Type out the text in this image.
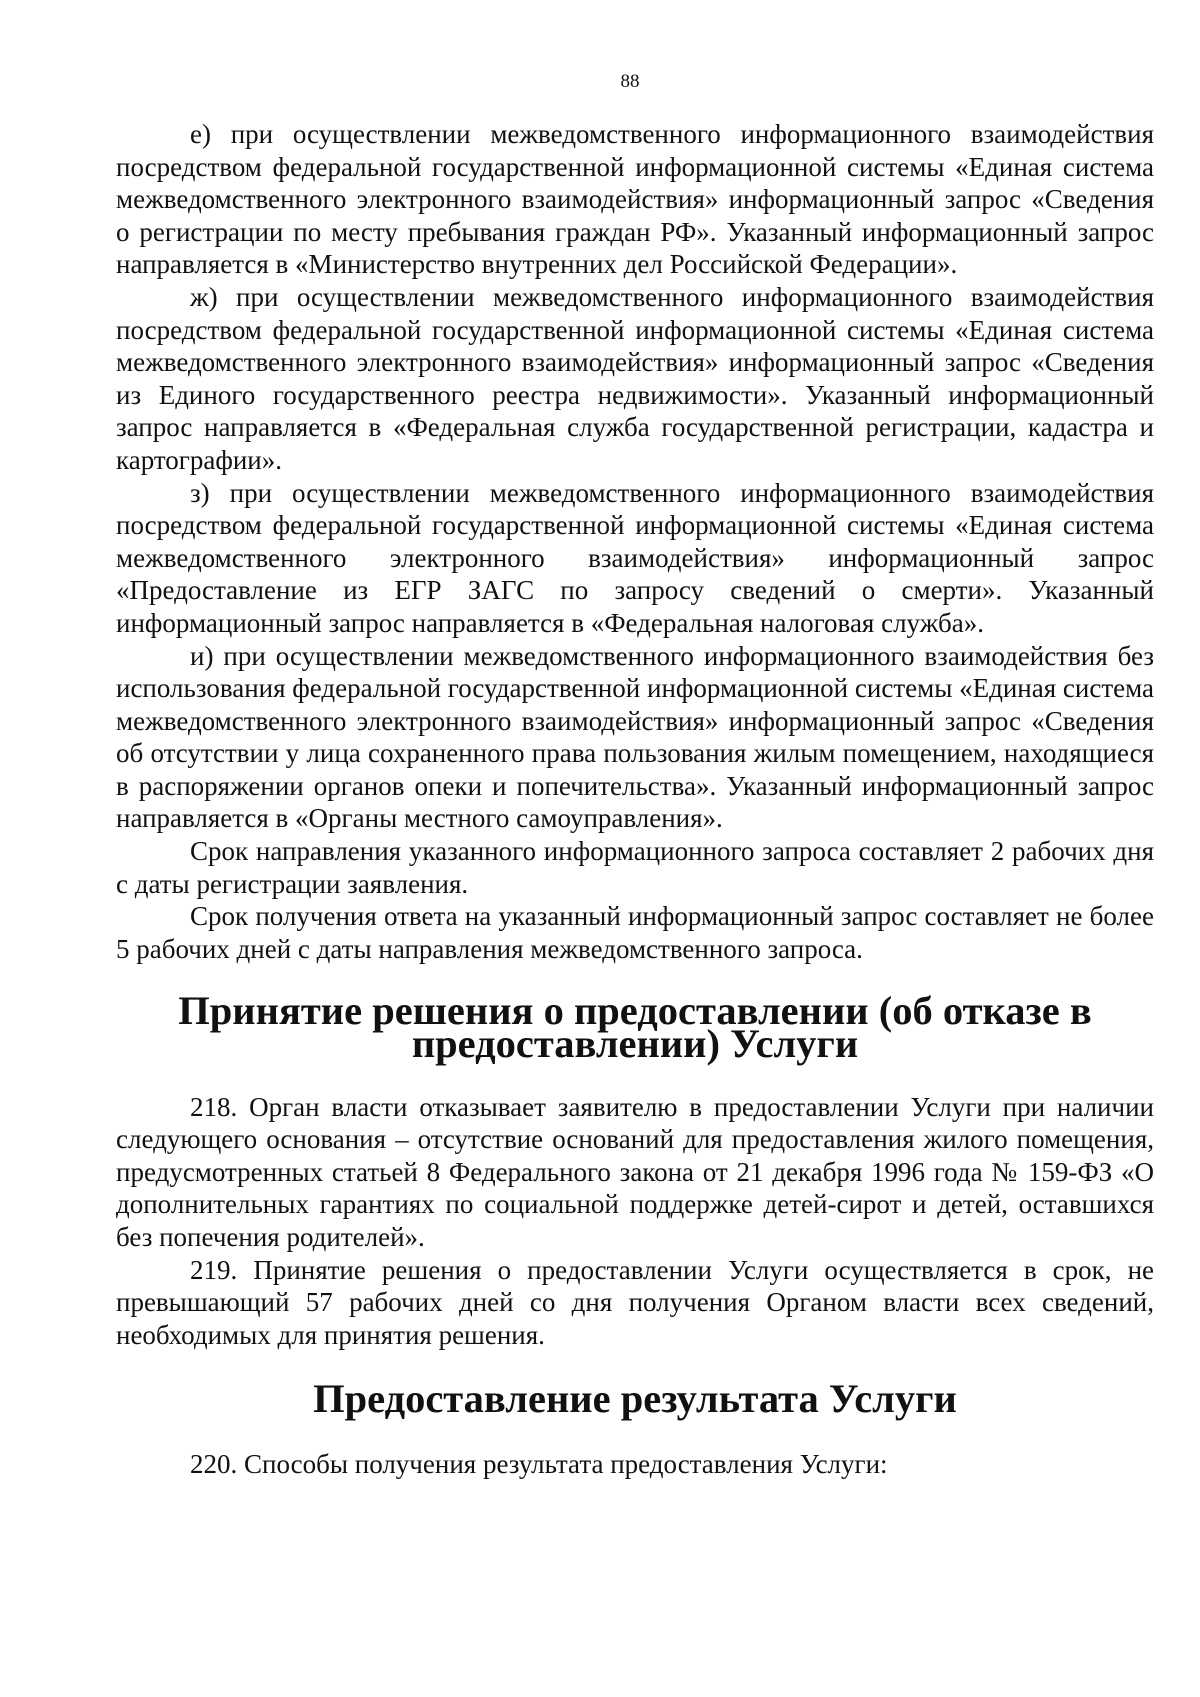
88

е) при осуществлении межведомственного информационного взаимодействия посредством федеральной государственной информационной системы «Единая система межведомственного электронного взаимодействия» информационный запрос «Сведения о регистрации по месту пребывания граждан РФ». Указанный информационный запрос направляется в «Министерство внутренних дел Российской Федерации».

ж) при осуществлении межведомственного информационного взаимодействия посредством федеральной государственной информационной системы «Единая система межведомственного электронного взаимодействия» информационный запрос «Сведения из Единого государственного реестра недвижимости». Указанный информационный запрос направляется в «Федеральная служба государственной регистрации, кадастра и картографии».

з) при осуществлении межведомственного информационного взаимодействия посредством федеральной государственной информационной системы «Единая система межведомственного электронного взаимодействия» информационный запрос «Предоставление из ЕГР ЗАГС по запросу сведений о смерти». Указанный информационный запрос направляется в «Федеральная налоговая служба».

и) при осуществлении межведомственного информационного взаимодействия без использования федеральной государственной информационной системы «Единая система межведомственного электронного взаимодействия» информационный запрос «Сведения об отсутствии у лица сохраненного права пользования жилым помещением, находящиеся в распоряжении органов опеки и попечительства». Указанный информационный запрос направляется в «Органы местного самоуправления».

Срок направления указанного информационного запроса составляет 2 рабочих дня с даты регистрации заявления.

Срок получения ответа на указанный информационный запрос составляет не более 5 рабочих дней с даты направления межведомственного запроса.

Принятие решения о предоставлении (об отказе в предоставлении) Услуги

218. Орган власти отказывает заявителю в предоставлении Услуги при наличии следующего основания – отсутствие оснований для предоставления жилого помещения, предусмотренных статьей 8 Федерального закона от 21 декабря 1996 года № 159-ФЗ «О дополнительных гарантиях по социальной поддержке детей-сирот и детей, оставшихся без попечения родителей».

219. Принятие решения о предоставлении Услуги осуществляется в срок, не превышающий 57 рабочих дней со дня получения Органом власти всех сведений, необходимых для принятия решения.

Предоставление результата Услуги

220. Способы получения результата предоставления Услуги:
